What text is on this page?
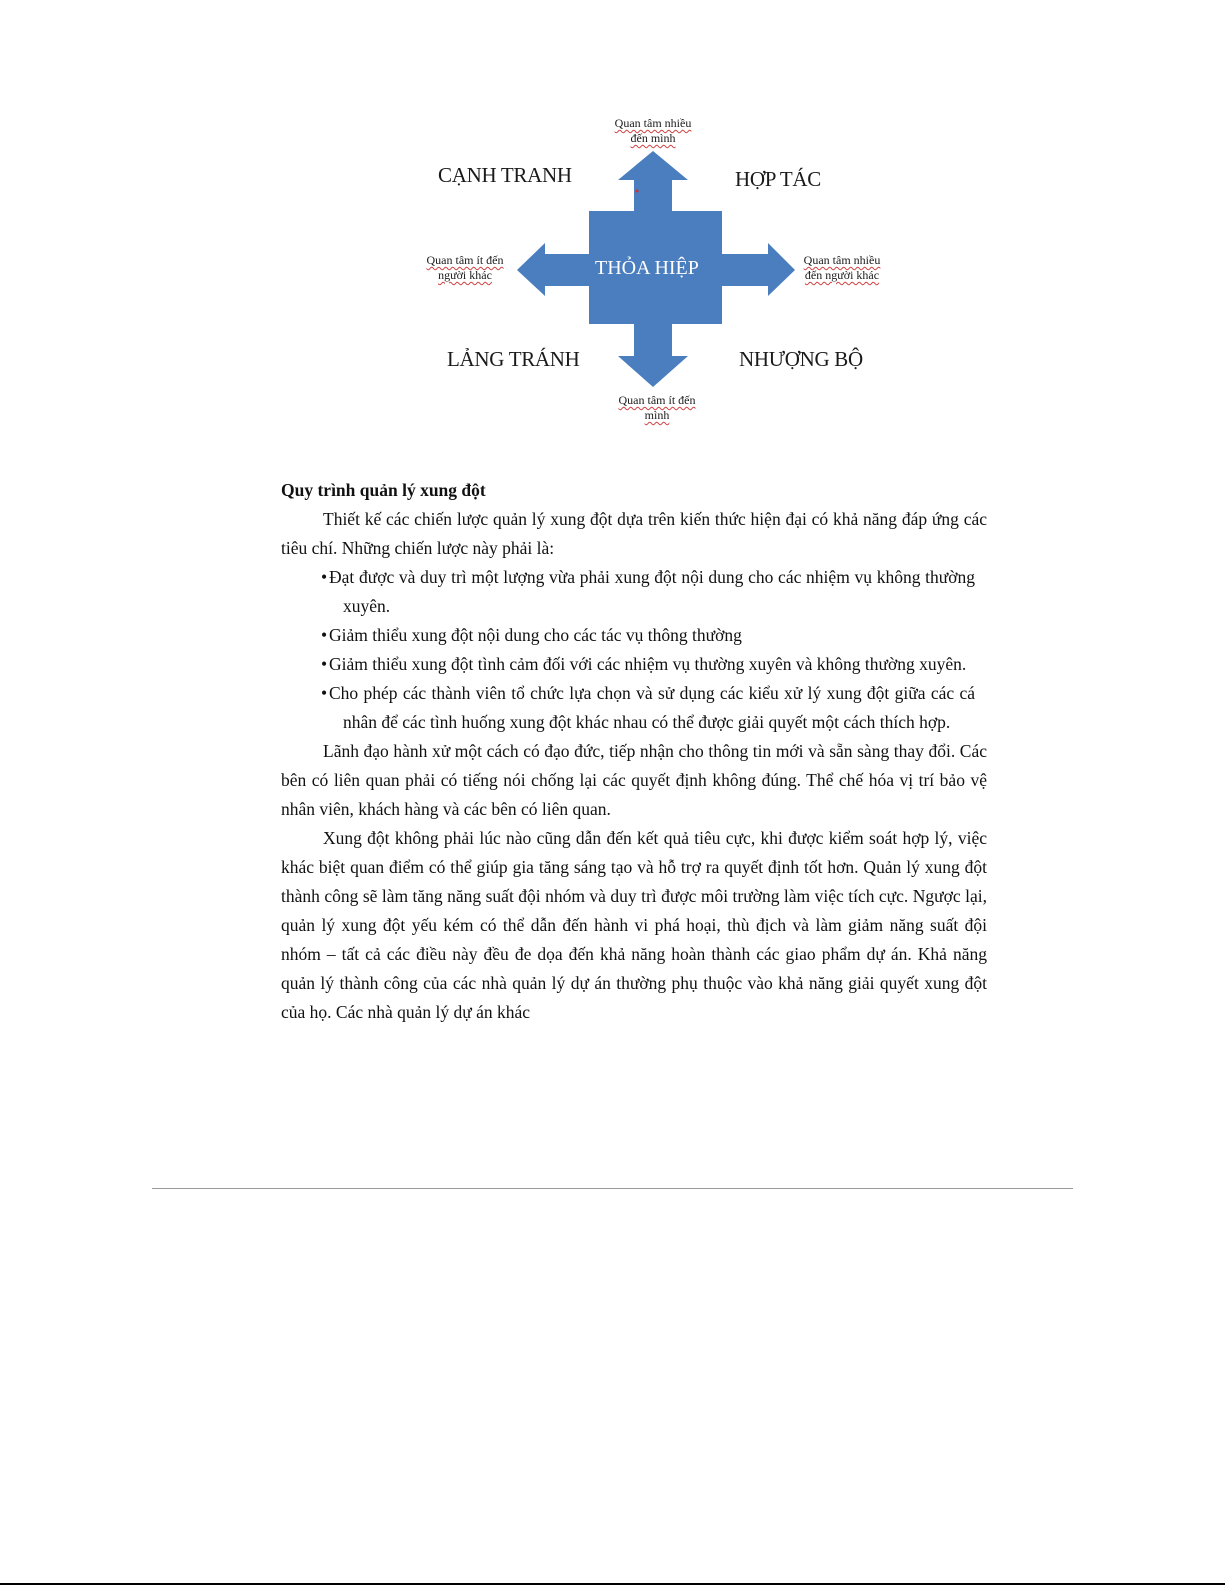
THỎA HIỆP
CẠNH TRANH	HỢP TÁC
LẢNG TRÁNH	NHƯỢNG BỘ
Quan tâm nhiều
đến mình
Quan tâm ít đến
người khác
Quan tâm nhiều
đến người khác
Quan tâm ít đến
mình

Quy trình quản lý xung đột

Thiết kế các chiến lược quản lý xung đột dựa trên kiến thức hiện đại có khả năng đáp ứng các tiêu chí. Những chiến lược này phải là:

• Đạt được và duy trì một lượng vừa phải xung đột nội dung cho các nhiệm vụ không thường xuyên.
• Giảm thiểu xung đột nội dung cho các tác vụ thông thường
• Giảm thiểu xung đột tình cảm đối với các nhiệm vụ thường xuyên và không thường xuyên.
• Cho phép các thành viên tổ chức lựa chọn và sử dụng các kiểu xử lý xung đột giữa các cá nhân để các tình huống xung đột khác nhau có thể được giải quyết một cách thích hợp.

Lãnh đạo hành xử một cách có đạo đức, tiếp nhận cho thông tin mới và sẵn sàng thay đổi. Các bên có liên quan phải có tiếng nói chống lại các quyết định không đúng. Thể chế hóa vị trí bảo vệ nhân viên, khách hàng và các bên có liên quan.

Xung đột không phải lúc nào cũng dẫn đến kết quả tiêu cực, khi được kiểm soát hợp lý, việc khác biệt quan điểm có thể giúp gia tăng sáng tạo và hỗ trợ ra quyết định tốt hơn. Quản lý xung đột thành công sẽ làm tăng năng suất đội nhóm và duy trì được môi trường làm việc tích cực. Ngược lại, quản lý xung đột yếu kém có thể dẫn đến hành vi phá hoại, thù địch và làm giảm năng suất đội nhóm – tất cả các điều này đều đe dọa đến khả năng hoàn thành các giao phẩm dự án. Khả năng quản lý thành công của các nhà quản lý dự án thường phụ thuộc vào khả năng giải quyết xung đột của họ. Các nhà quản lý dự án khác
